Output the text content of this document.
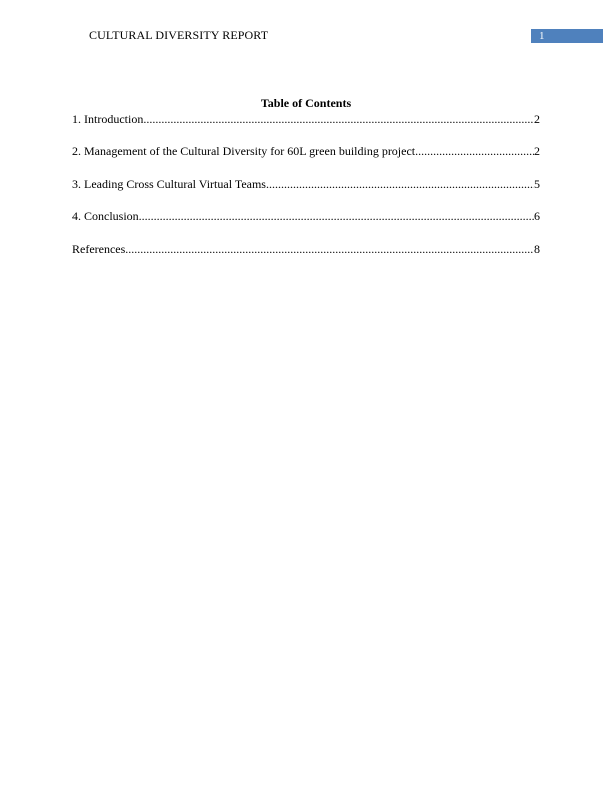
CULTURAL DIVERSITY REPORT	1
Table of Contents
1. Introduction .....	2
2. Management of the Cultural Diversity for 60L green building project .....	2
3. Leading Cross Cultural Virtual Teams .....	5
4. Conclusion .....	6
References .....	8
